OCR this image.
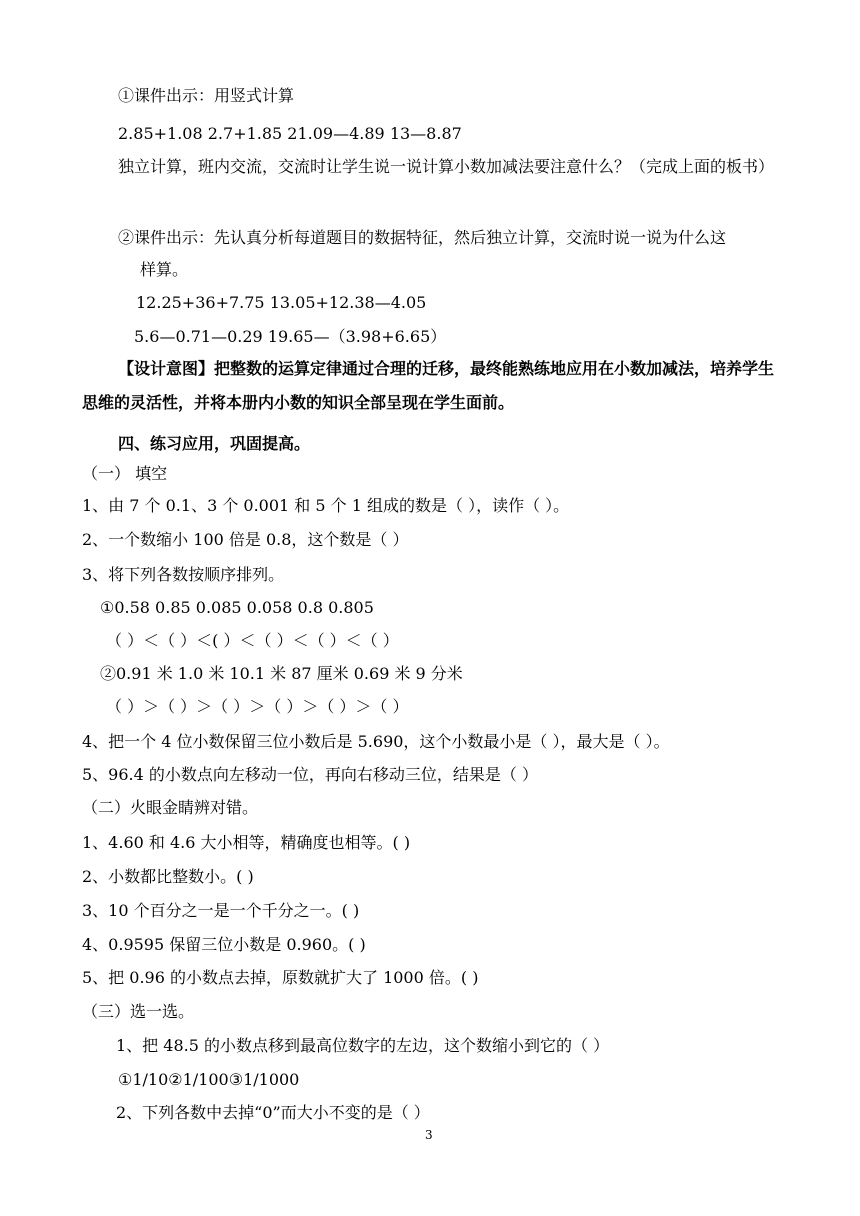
①课件出示：用竖式计算
2.85+1.08 2.7+1.85 21.09—4.89 13—8.87
独立计算，班内交流，交流时让学生说一说计算小数加减法要注意什么？（完成上面的板书）
②课件出示：先认真分析每道题目的数据特征，然后独立计算，交流时说一说为什么这
样算。
12.25+36+7.75 13.05+12.38—4.05
5.6—0.71—0.29 19.65—（3.98+6.65）
【设计意图】把整数的运算定律通过合理的迁移，最终能熟练地应用在小数加减法，培养学生思维的灵活性，并将本册内小数的知识全部呈现在学生面前。
四、练习应用，巩固提高。
（一） 填空
1、由 7 个 0.1、3 个 0.001 和 5 个 1 组成的数是（ ），读作（ ）。
2、一个数缩小 100 倍是 0.8，这个数是（ ）
3、将下列各数按顺序排列。
①0.58 0.85 0.085 0.058 0.8 0.805
（ ）＜（ ）＜( ）＜（ ）＜（ ）＜（ ）
②0.91 米 1.0 米 10.1 米 87 厘米 0.69 米 9 分米
（ ）＞（ ）＞（ ）＞（ ）＞（ ）＞（ ）
4、把一个 4 位小数保留三位小数后是 5.690，这个小数最小是（ ），最大是（ ）。
5、96.4 的小数点向左移动一位，再向右移动三位，结果是（ ）
（二）火眼金睛辨对错。
1、4.60 和 4.6 大小相等，精确度也相等。( )
2、小数都比整数小。( )
3、10 个百分之一是一个千分之一。( )
4、0.9595 保留三位小数是 0.960。( )
5、把 0.96 的小数点去掉，原数就扩大了 1000 倍。( )
（三）选一选。
1、把 48.5 的小数点移到最高位数字的左边，这个数缩小到它的（ ）
①1/10②1/100③1/1000
2、下列各数中去掉“0”而大小不变的是（ ）
3
